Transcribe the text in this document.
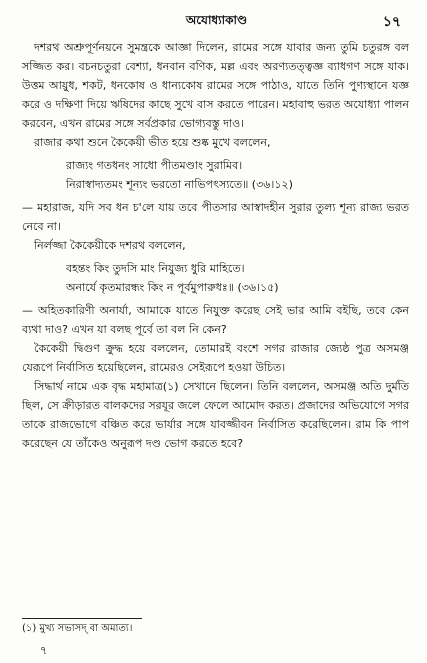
অযোধ্যাকাণ্ড	১৭

দশরথ অশ্রুপূর্ণনয়নে সুমন্ত্রকে আজ্ঞা দিলেন, রামের সঙ্গে যাবার জন্য তুমি চতুরঙ্গ বল সজ্জিত কর। বচনচতুরা বেশ্যা, ধনবান বণিক, মল্ল এবং অরণ্যতত্ত্বজ্ঞ ব্যাধগণ সঙ্গে যাক। উত্তম আয়ুধ, শকট, ধনকোষ ও ধান্যকোষ রামের সঙ্গে পাঠাও, যাতে তিনি পুণ্যস্থানে যজ্ঞ করে ও দক্ষিণা দিয়ে ঋষিদের কাছে সুখে বাস করতে পারেন। মহাবাহু ভরত অযোধ্যা পালন করবেন, এখন রামের সঙ্গে সর্বপ্রকার ভোগ্যবস্তু দাও।

রাজার কথা শুনে কৈকেয়ী ভীত হয়ে শুষ্ক মুখে বললেন,

রাজ্যং গতধনং সাধো পীতমণ্ডাং সুরামিব।

নিরাস্বাদ্যতমং শূন্যং ভরতো নাভিপৎস্যতে॥ (৩৬।১২)

— মহারাজ, যদি সব ধন চ'লে যায় তবে পীতসার আস্বাদহীন সুরার তুল্য শূন্য রাজ্য ভরত নেবে না।

নির্লজ্জা কৈকেয়ীকে দশরথ বললেন,

বহন্তং কিং তুদসি মাং নিযুজ্য ধুরি মাহিতে।

অনার্যে কৃতমারন্ধং কিং ন পূর্বমুপারুধঃ॥ (৩৬।১৫)

— অহিতকারিণী অনার্যা, আমাকে যাতে নিযুক্ত করেছ সেই ভার আমি বইছি, তবে কেন ব্যথা দাও? এখন যা বলছ পূর্বে তা বল নি কেন?

কৈকেয়ী দ্বিগুণ ক্রুদ্ধ হয়ে বললেন, তোমারই বংশে সগর রাজার জ্যেষ্ঠ পুত্র অসমঞ্জ যেরূপে নির্বাসিত হয়েছিলেন, রামেরও সেইরূপে হওয়া উচিত।

সিদ্ধার্থ নামে এক বৃদ্ধ মহামাত্র(১) সেখানে ছিলেন। তিনি বললেন, অসমঞ্জ অতি দুর্মতি ছিল, সে ক্রীড়ারত বালকদের সরযূর জলে ফেলে আমোদ করত। প্রজাদের অভিযোগে সগর তাকে রাজভোগে বঞ্চিত করে ভার্যার সঙ্গে যাবজ্জীবন নির্বাসিত করেছিলেন। রাম কি পাপ করেছেন যে তাঁকেও অনুরূপ দণ্ড ভোগ করতে হবে?

(১) মুখ্য সভাসদ্ বা অমাত্য।
৭
